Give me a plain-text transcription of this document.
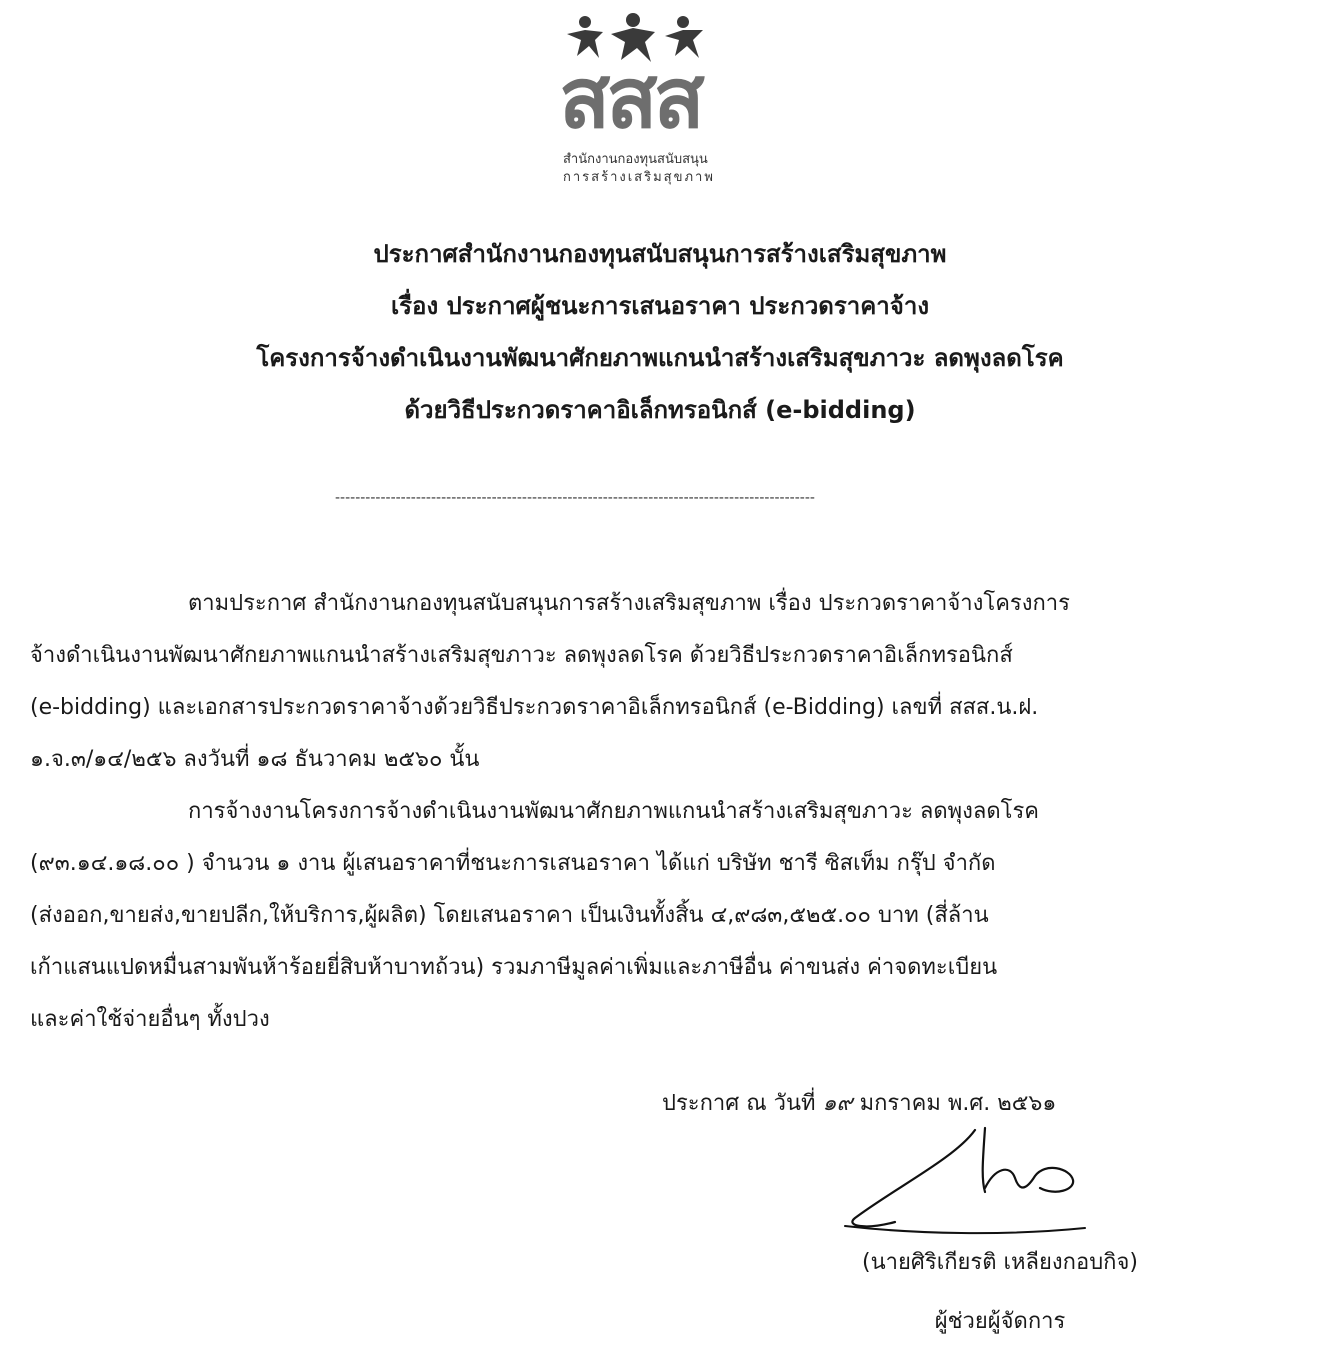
สสส
สำนักงานกองทุนสนับสนุน
การสร้างเสริมสุขภาพ
ประกาศสำนักงานกองทุนสนับสนุนการสร้างเสริมสุขภาพ
เรื่อง ประกาศผู้ชนะการเสนอราคา ประกวดราคาจ้าง
โครงการจ้างดำเนินงานพัฒนาศักยภาพแกนนำสร้างเสริมสุขภาวะ ลดพุงลดโรค
ด้วยวิธีประกวดราคาอิเล็กทรอนิกส์ (e-bidding)
-----------------------------------------------------------------------------------------------
ตามประกาศ สำนักงานกองทุนสนับสนุนการสร้างเสริมสุขภาพ เรื่อง ประกวดราคาจ้างโครงการ
จ้างดำเนินงานพัฒนาศักยภาพแกนนำสร้างเสริมสุขภาวะ ลดพุงลดโรค ด้วยวิธีประกวดราคาอิเล็กทรอนิกส์
(e-bidding) และเอกสารประกวดราคาจ้างด้วยวิธีประกวดราคาอิเล็กทรอนิกส์ (e-Bidding) เลขที่ สสส.น.ฝ.
๑.จ.๓/๑๔/๒๕๖ ลงวันที่ ๑๘ ธันวาคม ๒๕๖๐ นั้น
การจ้างงานโครงการจ้างดำเนินงานพัฒนาศักยภาพแกนนำสร้างเสริมสุขภาวะ ลดพุงลดโรค
(๙๓.๑๔.๑๘.๐๐ ) จำนวน ๑ งาน ผู้เสนอราคาที่ชนะการเสนอราคา ได้แก่ บริษัท ชารี ซิสเท็ม กรุ๊ป จำกัด
(ส่งออก,ขายส่ง,ขายปลีก,ให้บริการ,ผู้ผลิต) โดยเสนอราคา เป็นเงินทั้งสิ้น ๔,๙๘๓,๕๒๕.๐๐ บาท (สี่ล้าน
เก้าแสนแปดหมื่นสามพันห้าร้อยยี่สิบห้าบาทถ้วน) รวมภาษีมูลค่าเพิ่มและภาษีอื่น ค่าขนส่ง ค่าจดทะเบียน
และค่าใช้จ่ายอื่นๆ ทั้งปวง
ประกาศ ณ วันที่ ๑๙ มกราคม พ.ศ. ๒๕๖๑
(นายศิริเกียรติ เหลียงกอบกิจ)
ผู้ช่วยผู้จัดการ
